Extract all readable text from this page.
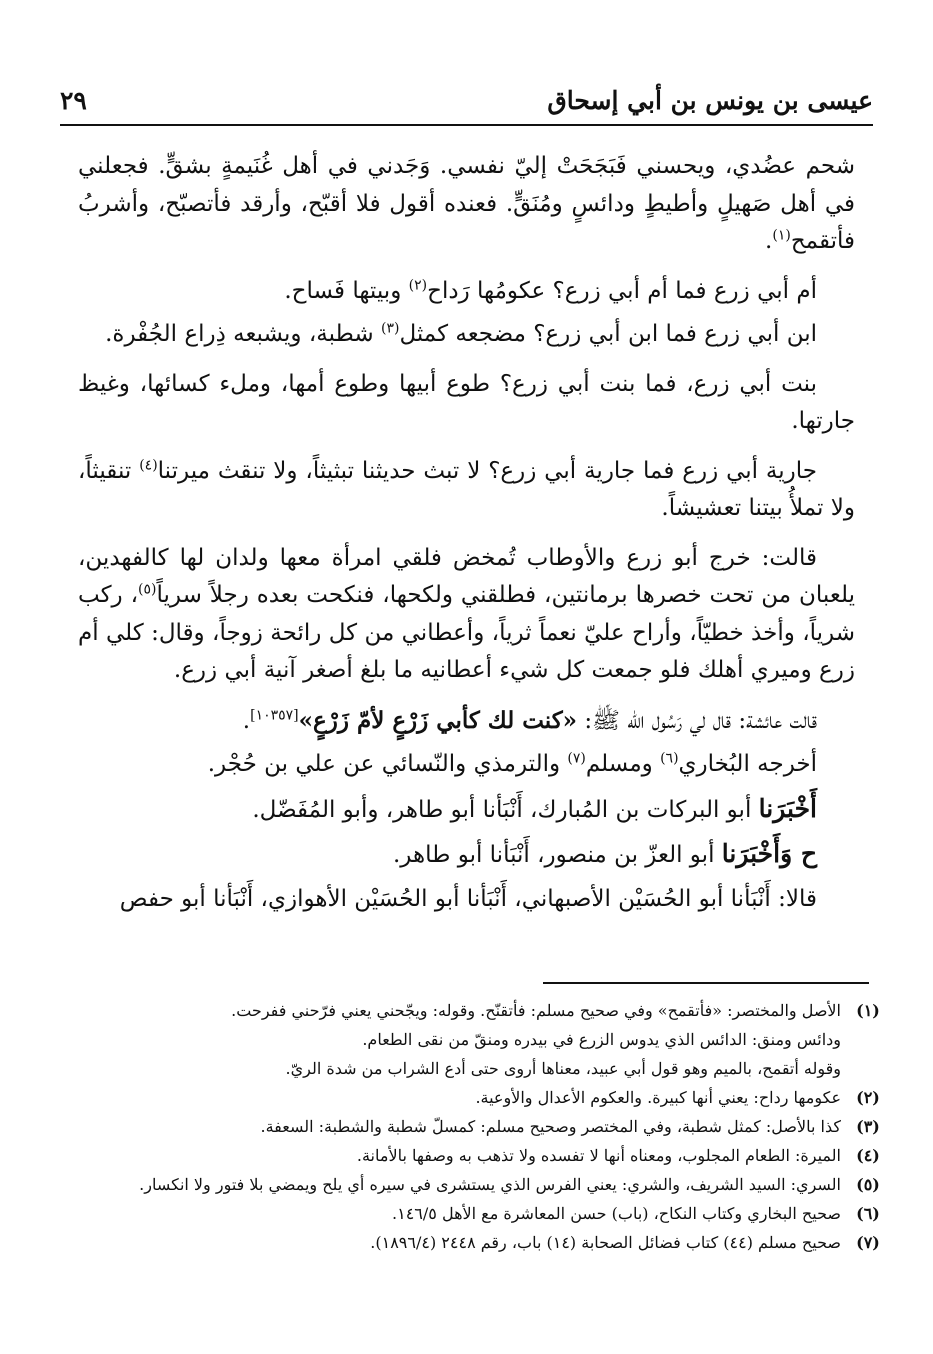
عيسى بن يونس بن أبي إسحاق
٢٩

شحم عضُدي، ويحسني فَبَجَحَتْ إليّ نفسي. وَجَدني في أهل غُنَيمةٍ بشقٍّ. فجعلني في أهل صَهيلٍ وأطيطٍ ودائسٍ ومُنَقٍّ. فعنده أقول فلا أقبّح، وأرقد فأتصبّح، وأشربُ فأتقمح$^{(١)}$.

أم أبي زرع فما أم أبي زرع؟ عكومُها رَداح$^{(٢)}$ وبيتها فَساح.

ابن أبي زرع فما ابن أبي زرع؟ مضجعه كمثل$^{(٣)}$ شطبة، ويشبعه ذِراع الجُفْرة.

بنت أبي زرع، فما بنت أبي زرع؟ طوع أبيها وطوع أمها، وملء كسائها، وغيظ جارتها.

جارية أبي زرع فما جارية أبي زرع؟ لا تبث حديثنا تبثيثاً، ولا تنقث ميرتنا$^{(٤)}$ تنقيثاً، ولا تملأُ بيتنا تعشيشاً.

قالت: خرج أبو زرع والأوطاب تُمخض فلقي امرأة معها ولدان لها كالفهدين، يلعبان من تحت خصرها برمانتين، فطلقني ولكحها، فنكحت بعده رجلاً سرياً$^{(٥)}$، ركب شرياً، وأخذ خطيّاً، وأراح عليّ نعماً ثرياً، وأعطاني من كل رائحة زوجاً، وقال: كلي أم زرع وميري أهلك فلو جمعت كل شيء أعطانيه ما بلغ أصغر آنية أبي زرع.

قالت عائشة: قال لي رَسُول الله ﷺ: «كنت لك كأبي زَرْعٍ لأمّ زَرْعٍ»[١٠٣٥٧].

أخرجه البُخاري$^{(٦)}$ ومسلم$^{(٧)}$ والترمذي والنّسائي عن علي بن حُجْر.

أَخْبَرَنا أبو البركات بن المُبارك، أَنْبَأنا أبو طاهر، وأبو المُفَضّل.

ح وَأَخْبَرَنا أبو العزّ بن منصور، أَنْبَأنا أبو طاهر.

قالا: أَنْبَأنا أبو الحُسَيْن الأصبهاني، أَنْبَأنا أبو الحُسَيْن الأهوازي، أَنْبَأنا أبو حفص

(١)
الأصل والمختصر: «فأتقمح» وفي صحيح مسلم: فأتقنّح. وقوله: ويجّحني يعني فرّحني ففرحت.
ودائس ومنق: الدائس الذي يدوس الزرع في بيدره ومنقّ من نقى الطعام.
وقوله أتقمح، بالميم وهو قول أبي عبيد، معناها أروى حتى أدع الشراب من شدة الريّ.
(٢)
عكومها رداح: يعني أنها كبيرة. والعكوم الأعدال والأوعية.
(٣)
كذا بالأصل: كمثل شطبة، وفي المختصر وصحيح مسلم: كمسلّ شطبة والشطبة: السعفة.
(٤)
الميرة: الطعام المجلوب، ومعناه أنها لا تفسده ولا تذهب به وصفها بالأمانة.
(٥)
السري: السيد الشريف، والشري: يعني الفرس الذي يستشرى في سيره أي يلح ويمضي بلا فتور ولا انكسار.
(٦)
صحيح البخاري وكتاب النكاح، (باب) حسن المعاشرة مع الأهل ١٤٦/٥.
(٧)
صحيح مسلم (٤٤) كتاب فضائل الصحابة (١٤) باب، رقم ٢٤٤٨ (١٨٩٦/٤).
